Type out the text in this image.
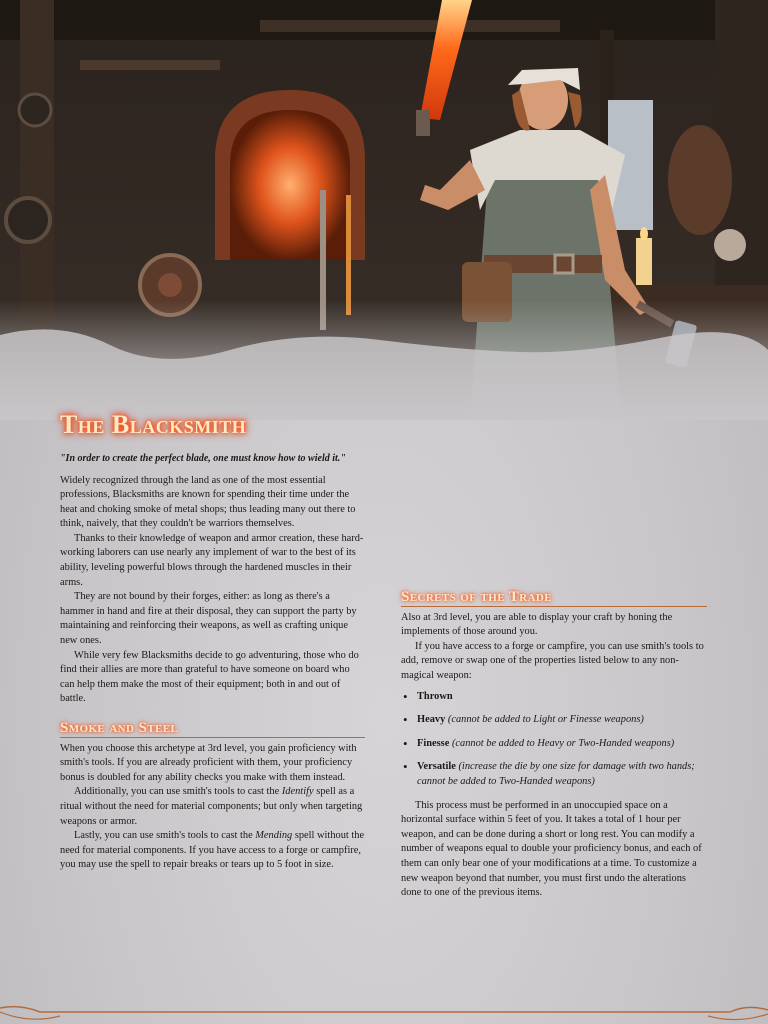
The Blacksmith

"In order to create the perfect blade, one must know how to wield it."

Widely recognized through the land as one of the most essential professions, Blacksmiths are known for spending their time under the heat and choking smoke of metal shops; thus leading many out there to think, naively, that they couldn't be warriors themselves.

Thanks to their knowledge of weapon and armor creation, these hard-working laborers can use nearly any implement of war to the best of its ability, leveling powerful blows through the hardened muscles in their arms.

They are not bound by their forges, either: as long as there's a hammer in hand and fire at their disposal, they can support the party by maintaining and reinforcing their weapons, as well as crafting unique new ones.

While very few Blacksmiths decide to go adventuring, those who do find their allies are more than grateful to have someone on board who can help them make the most of their equipment; both in and out of battle.

Smoke and Steel

When you choose this archetype at 3rd level, you gain proficiency with smith's tools. If you are already proficient with them, your proficiency bonus is doubled for any ability checks you make with them instead.

Additionally, you can use smith's tools to cast the Identify spell as a ritual without the need for material components; but only when targeting weapons or armor.

Lastly, you can use smith's tools to cast the Mending spell without the need for material components. If you have access to a forge or campfire, you may use the spell to repair breaks or tears up to 5 foot in size.

Secrets of the Trade

Also at 3rd level, you are able to display your craft by honing the implements of those around you.

If you have access to a forge or campfire, you can use smith's tools to add, remove or swap one of the properties listed below to any non-magical weapon:

• Thrown
• Heavy (cannot be added to Light or Finesse weapons)
• Finesse (cannot be added to Heavy or Two-Handed weapons)
• Versatile (increase the die by one size for damage with two hands; cannot be added to Two-Handed weapons)

This process must be performed in an unoccupied space on a horizontal surface within 5 feet of you. It takes a total of 1 hour per weapon, and can be done during a short or long rest. You can modify a number of weapons equal to double your proficiency bonus, and each of them can only bear one of your modifications at a time. To customize a new weapon beyond that number, you must first undo the alterations done to one of the previous items.
